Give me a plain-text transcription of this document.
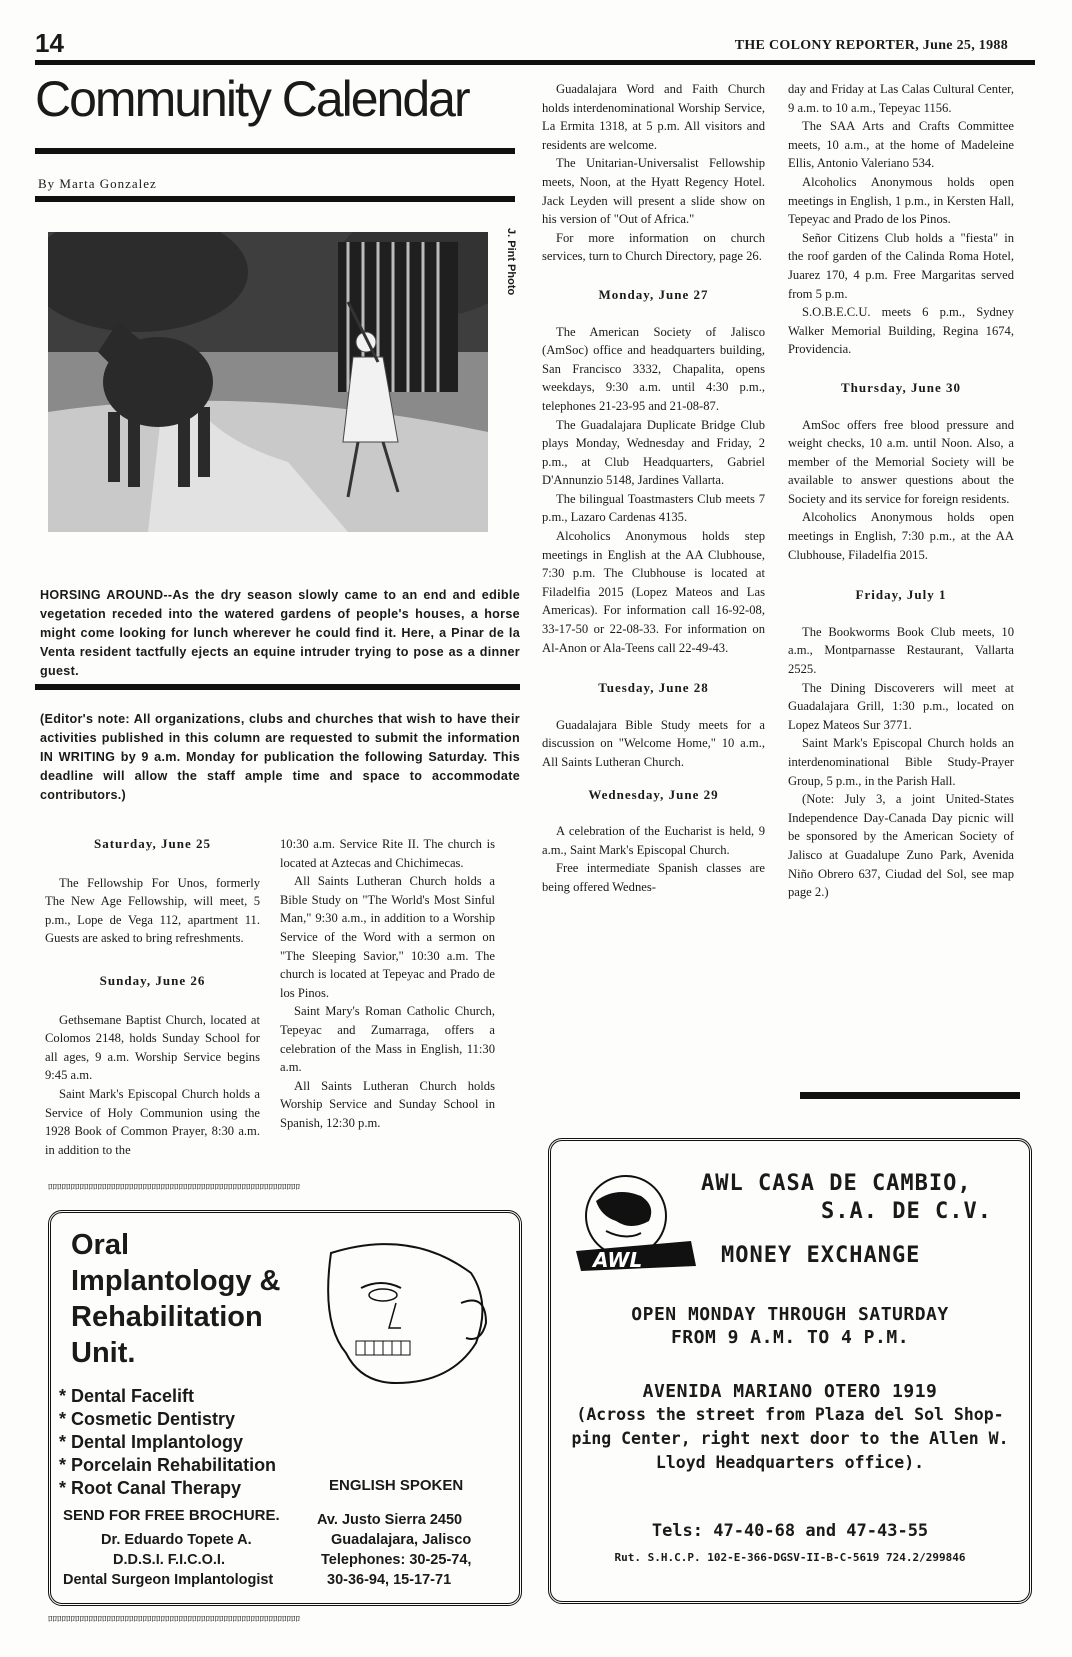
14	THE COLONY REPORTER, June 25, 1988
Community Calendar
By Marta Gonzalez
J. Pint Photo
HORSING AROUND--As the dry season slowly came to an end and edible vegetation receded into the watered gardens of people's houses, a horse might come looking for lunch wherever he could find it. Here, a Pinar de la Venta resident tactfully ejects an equine intruder trying to pose as a dinner guest.
(Editor's note: All organizations, clubs and churches that wish to have their activities published in this column are requested to submit the information IN WRITING by 9 a.m. Monday for publication the following Saturday. This deadline will allow the staff ample time and space to accommodate contributors.)
Saturday, June 25

The Fellowship For Unos, formerly The New Age Fellowship, will meet, 5 p.m., Lope de Vega 112, apartment 11. Guests are asked to bring refreshments.

Sunday, June 26

Gethsemane Baptist Church, located at Colomos 2148, holds Sunday School for all ages, 9 a.m. Worship Service begins 9:45 a.m.

Saint Mark's Episcopal Church holds a Service of Holy Communion using the 1928 Book of Common Prayer, 8:30 a.m. in addition to the

10:30 a.m. Service Rite II. The church is located at Aztecas and Chichimecas.

All Saints Lutheran Church holds a Bible Study on "The World's Most Sinful Man," 9:30 a.m., in addition to a Worship Service of the Word with a sermon on "The Sleeping Savior," 10:30 a.m. The church is located at Tepeyac and Prado de los Pinos.

Saint Mary's Roman Catholic Church, Tepeyac and Zumarraga, offers a celebration of the Mass in English, 11:30 a.m.

All Saints Lutheran Church holds Worship Service and Sunday School in Spanish, 12:30 p.m.

ﾛﾛﾛﾛﾛﾛﾛﾛﾛﾛﾛﾛﾛﾛﾛﾛﾛﾛﾛﾛﾛﾛﾛﾛﾛﾛﾛﾛﾛﾛﾛﾛﾛﾛﾛﾛﾛﾛﾛﾛﾛﾛﾛﾛﾛﾛﾛﾛﾛﾛﾛﾛﾛﾛﾛﾛ

Guadalajara Word and Faith Church holds interdenominational Worship Service, La Ermita 1318, at 5 p.m. All visitors and residents are welcome.

The Unitarian-Universalist Fellowship meets, Noon, at the Hyatt Regency Hotel. Jack Leyden will present a slide show on his version of "Out of Africa."

For more information on church services, turn to Church Directory, page 26.

Monday, June 27

The American Society of Jalisco (AmSoc) office and headquarters building, San Francisco 3332, Chapalita, opens weekdays, 9:30 a.m. until 4:30 p.m., telephones 21-23-95 and 21-08-87.

The Guadalajara Duplicate Bridge Club plays Monday, Wednesday and Friday, 2 p.m., at Club Headquarters, Gabriel D'Annunzio 5148, Jardines Vallarta.

The bilingual Toastmasters Club meets 7 p.m., Lazaro Cardenas 4135.

Alcoholics Anonymous holds step meetings in English at the AA Clubhouse, 7:30 p.m. The Clubhouse is located at Filadelfia 2015 (Lopez Mateos and Las Americas). For information call 16-92-08, 33-17-50 or 22-08-33. For information on Al-Anon or Ala-Teens call 22-49-43.

Tuesday, June 28

Guadalajara Bible Study meets for a discussion on "Welcome Home," 10 a.m., All Saints Lutheran Church.

Wednesday, June 29

A celebration of the Eucharist is held, 9 a.m., Saint Mark's Episcopal Church.

Free intermediate Spanish classes are being offered Wednes-

day and Friday at Las Calas Cultural Center, 9 a.m. to 10 a.m., Tepeyac 1156.

The SAA Arts and Crafts Committee meets, 10 a.m., at the home of Madeleine Ellis, Antonio Valeriano 534.

Alcoholics Anonymous holds open meetings in English, 1 p.m., in Kersten Hall, Tepeyac and Prado de los Pinos.

Señor Citizens Club holds a "fiesta" in the roof garden of the Calinda Roma Hotel, Juarez 170, 4 p.m. Free Margaritas served from 5 p.m.

S.O.B.E.C.U. meets 6 p.m., Sydney Walker Memorial Building, Regina 1674, Providencia.

Thursday, June 30

AmSoc offers free blood pressure and weight checks, 10 a.m. until Noon. Also, a member of the Memorial Society will be available to answer questions about the Society and its service for foreign residents.

Alcoholics Anonymous holds open meetings in English, 7:30 p.m., at the AA Clubhouse, Filadelfia 2015.

Friday, July 1

The Bookworms Book Club meets, 10 a.m., Montparnasse Restaurant, Vallarta 2525.

The Dining Discoverers will meet at Guadalajara Grill, 1:30 p.m., located on Lopez Mateos Sur 3771.

Saint Mark's Episcopal Church holds an interdenominational Bible Study-Prayer Group, 5 p.m., in the Parish Hall.

(Note: July 3, a joint United-States Independence Day-Canada Day picnic will be sponsored by the American Society of Jalisco at Guadalupe Zuno Park, Avenida Niño Obrero 637, Ciudad del Sol, see map page 2.)

Oral
Implantology &
Rehabilitation
Unit.
* Dental Facelift
* Cosmetic Dentistry
* Dental Implantology
* Porcelain Rehabilitation
* Root Canal Therapy	ENGLISH SPOKEN
SEND FOR FREE BROCHURE.
Dr. Eduardo Topete A.
D.D.S.I. F.I.C.O.I.
Dental Surgeon Implantologist
Av. Justo Sierra 2450
Guadalajara, Jalisco
Telephones: 30-25-74,
30-36-94, 15-17-71
ﾛﾛﾛﾛﾛﾛﾛﾛﾛﾛﾛﾛﾛﾛﾛﾛﾛﾛﾛﾛﾛﾛﾛﾛﾛﾛﾛﾛﾛﾛﾛﾛﾛﾛﾛﾛﾛﾛﾛﾛﾛﾛﾛﾛﾛﾛﾛﾛﾛﾛﾛﾛﾛﾛﾛﾛ
AWL
AWL CASA DE CAMBIO,
S.A. DE C.V.
MONEY EXCHANGE
OPEN MONDAY THROUGH SATURDAY
FROM 9 A.M. TO 4 P.M.
AVENIDA MARIANO OTERO 1919
(Across the street from Plaza del Sol Shop-
ping Center, right next door to the Allen W.
Lloyd Headquarters office).
Tels: 47-40-68 and 47-43-55
Rut. S.H.C.P. 102-E-366-DGSV-II-B-C-5619 724.2/299846
